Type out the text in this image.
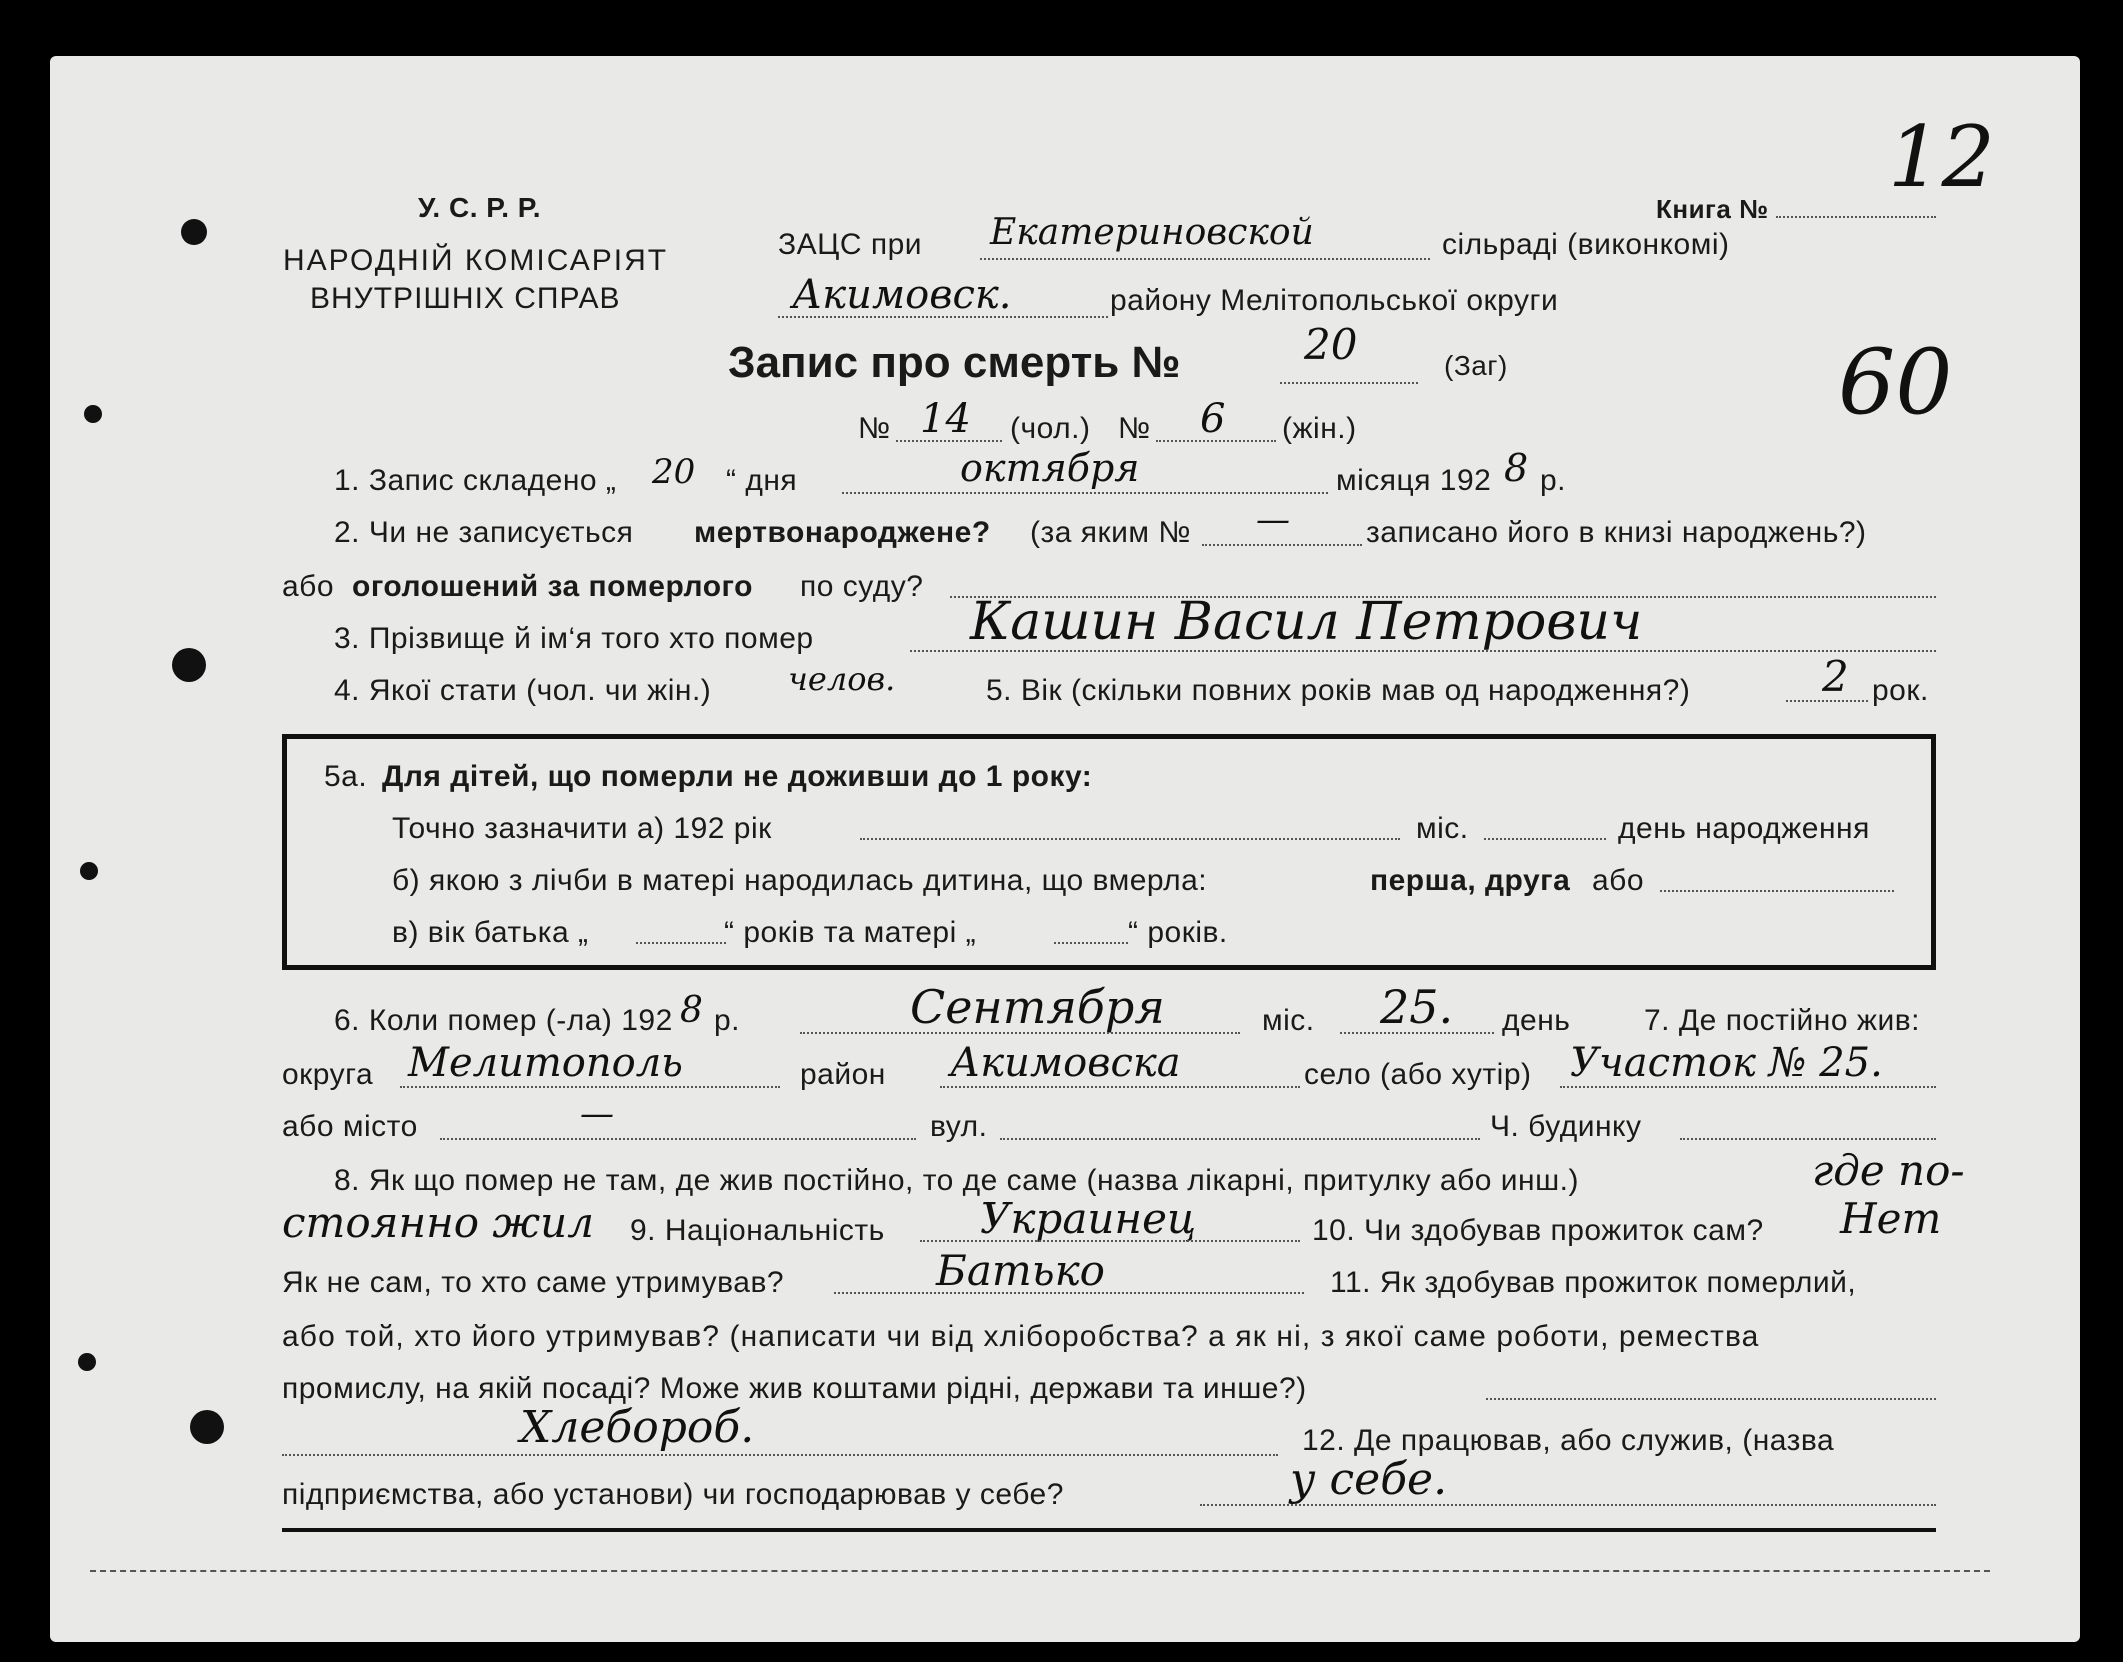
12
60
У. С. Р. Р.
НАРОДНІЙ КОМІСАРІЯТ
ВНУТРІШНІХ СПРАВ
Книга №
ЗАЦС при Екатериновской	сільраді (виконкомі)
Акимовск.	району Мелітопольської округи
Запис про смерть №	20	(Заг)
№ 14 (чол.) № 6 (жін.)
1. Запис складено „ 20 “ дня	октября	місяця 192 8 р.
2. Чи не записується мертвонароджене? (за яким № —	записано його в книзі народжень?)
або оголошений за померлого по суду?
3. Прізвище й ім‘я того хто помер	Кашин Васил Петрович
4. Якої стати (чол. чи жін.) челов.	5. Вік (скільки повних років мав од народження?)	2 рок.
5а. Для дітей, що померли не доживши до 1 року:
Точно зазначити а) 192 рік	міс.	день народження
б) якою з лічби в матері народилась дитина, що вмерла:	перша, друга або
в) вік батька „	“ років та матері „	“ років.
6. Коли помер (-ла) 192 8 р.	Сентября	міс. 25. день 7. Де постійно жив:
округа Мелитополь	район Акимовска	село (або хутір) Участок № 25.
або місто	—	вул.	Ч. будинку
8. Як що помер не там, де жив постійно, то де саме (назва лікарні, притулку або инш.)	где по-
стоянно жил 9. Національність Украинец	10. Чи здобував прожиток сам? Нет
Як не сам, то хто саме утримував?	Батько	11. Як здобував прожиток померлий,
або той, хто його утримував? (написати чи від хліборобства? а як ні, з якої саме роботи, ремества
промислу, на якій посаді? Може жив коштами рідні, держави та инше?)
Хлебороб.	12. Де працював, або служив, (назва
підприємства, або установи) чи господарював у себе?	у себе.
